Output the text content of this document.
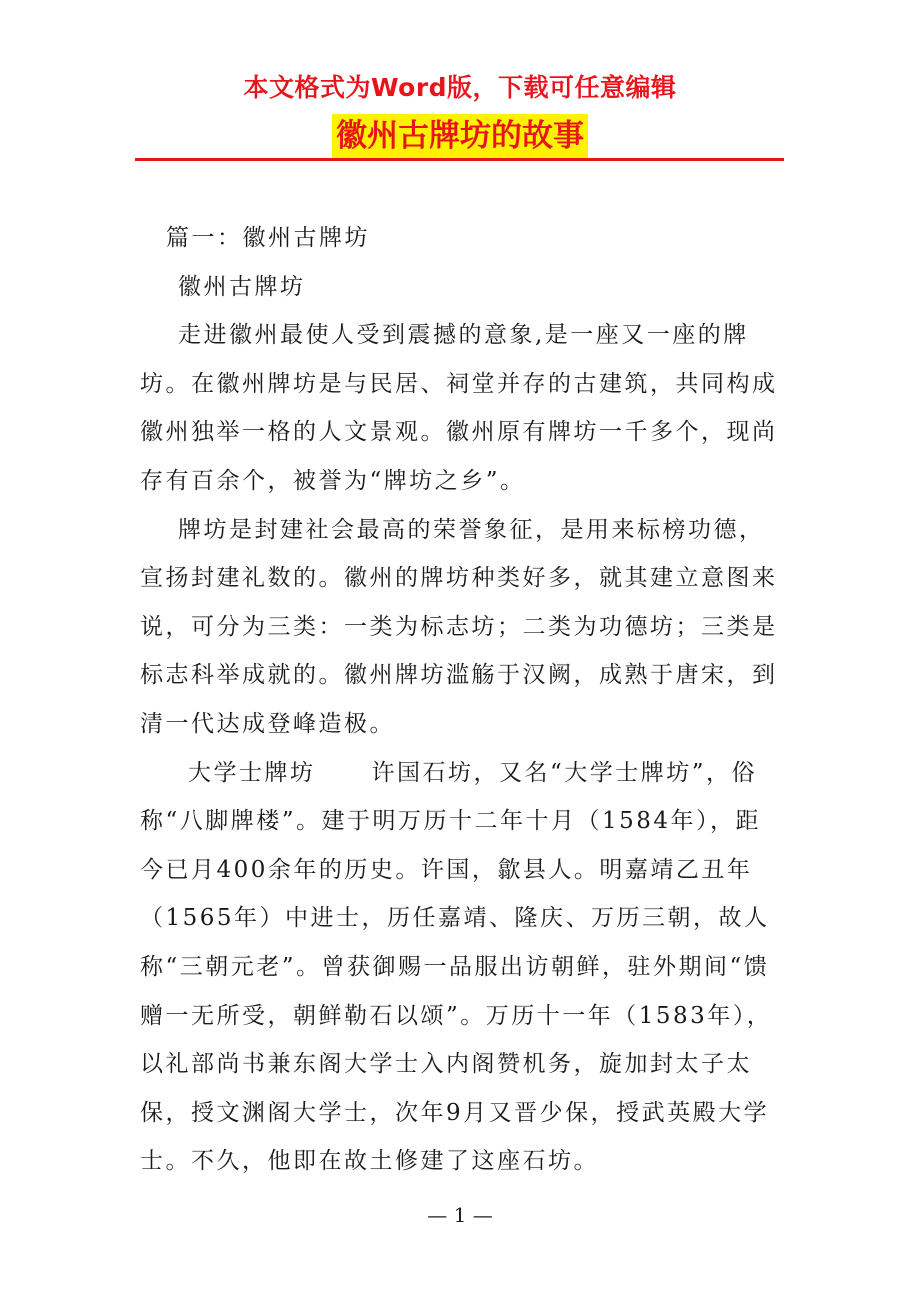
本文格式为Word版，下载可任意编辑
徽州古牌坊的故事

篇一：徽州古牌坊

徽州古牌坊

走进徽州最使人受到震撼的意象,是一座又一座的牌坊。在徽州牌坊是与民居、祠堂并存的古建筑，共同构成徽州独举一格的人文景观。徽州原有牌坊一千多个，现尚存有百余个，被誉为“牌坊之乡”。

牌坊是封建社会最高的荣誉象征，是用来标榜功德，宣扬封建礼数的。徽州的牌坊种类好多，就其建立意图来说，可分为三类：一类为标志坊；二类为功德坊；三类是标志科举成就的。徽州牌坊滥觞于汉阙，成熟于唐宋，到清一代达成登峰造极。

大学士牌坊 许国石坊，又名“大学士牌坊”，俗称“八脚牌楼”。建于明万历十二年十月（1584年），距今已月400余年的历史。许国，歙县人。明嘉靖乙丑年（1565年）中进士，历任嘉靖、隆庆、万历三朝，故人称“三朝元老”。曾获御赐一品服出访朝鲜，驻外期间“馈赠一无所受，朝鲜勒石以颂”。万历十一年（1583年），以礼部尚书兼东阁大学士入内阁赞机务，旋加封太子太保，授文渊阁大学士，次年9月又晋少保，授武英殿大学士。不久，他即在故土修建了这座石坊。

— 1 —
